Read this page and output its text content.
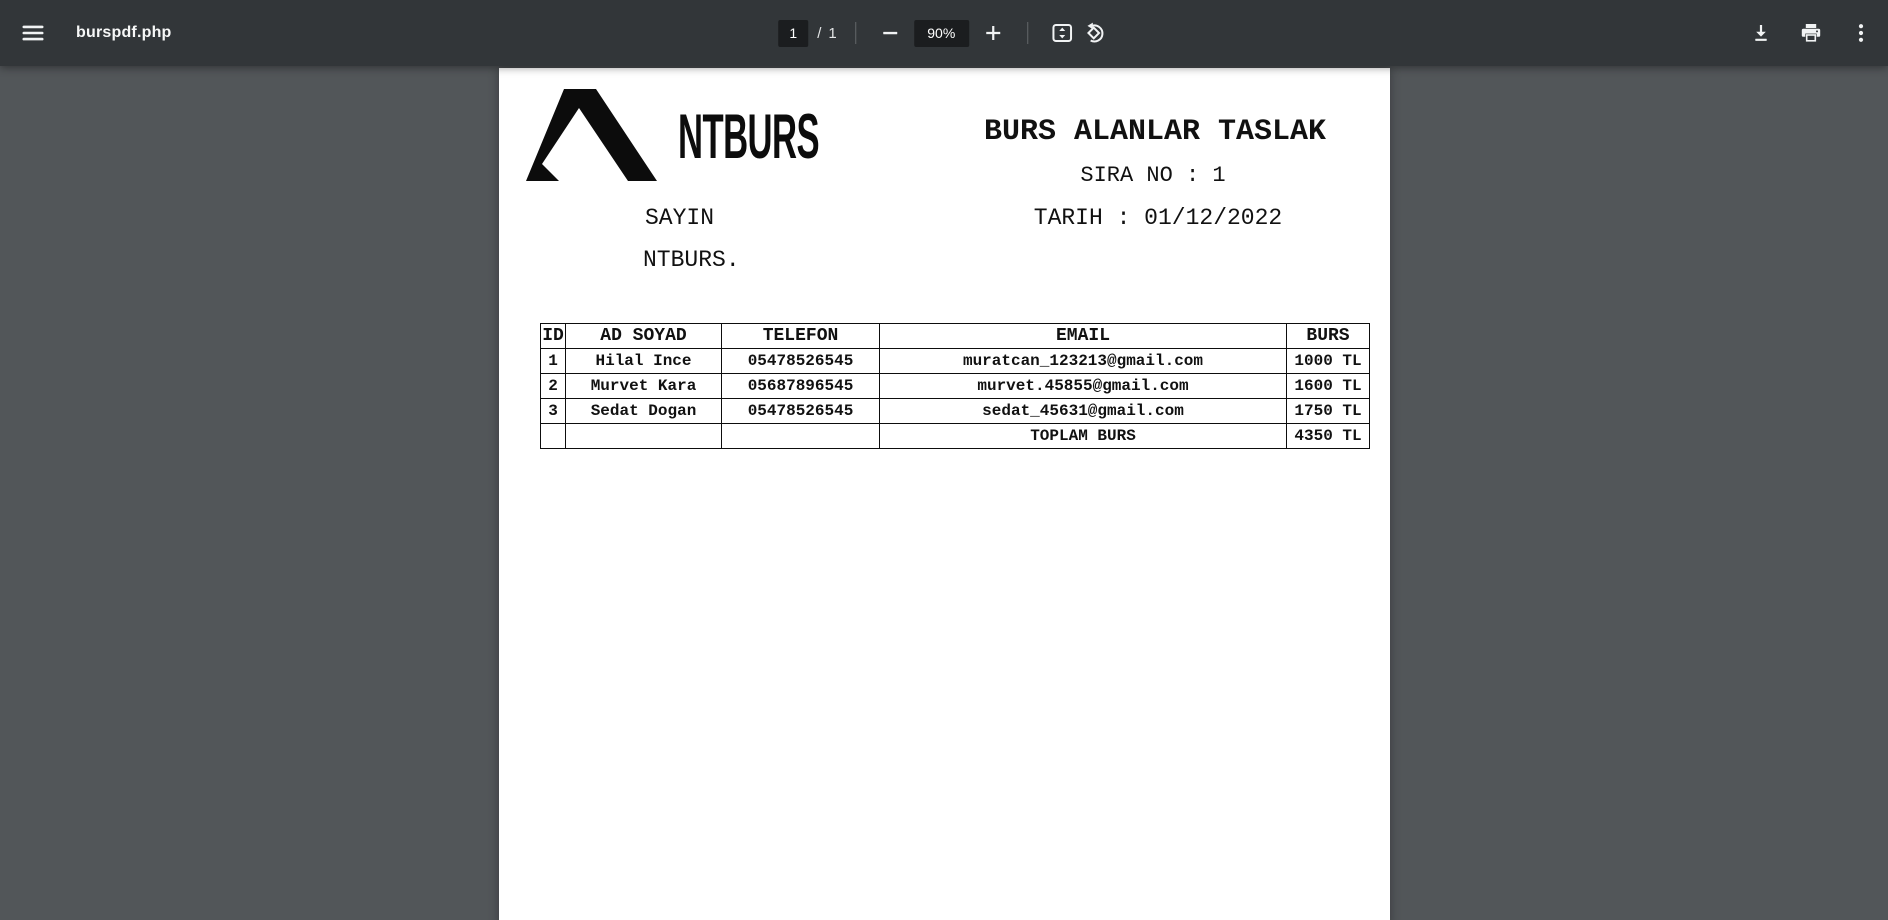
burspdf.php
1	/ 1	90%
NTBURS	BURS ALANLAR TASLAK
SIRA NO : 1
SAYIN	TARIH : 01/12/2022
NTBURS.
ID	AD SOYAD	TELEFON	EMAIL	BURS
1	Hilal Ince	05478526545	muratcan_123213@gmail.com	1000 TL
2	Murvet Kara	05687896545	murvet.45855@gmail.com	1600 TL
3	Sedat Dogan	05478526545	sedat_45631@gmail.com	1750 TL
			TOPLAM BURS	4350 TL
